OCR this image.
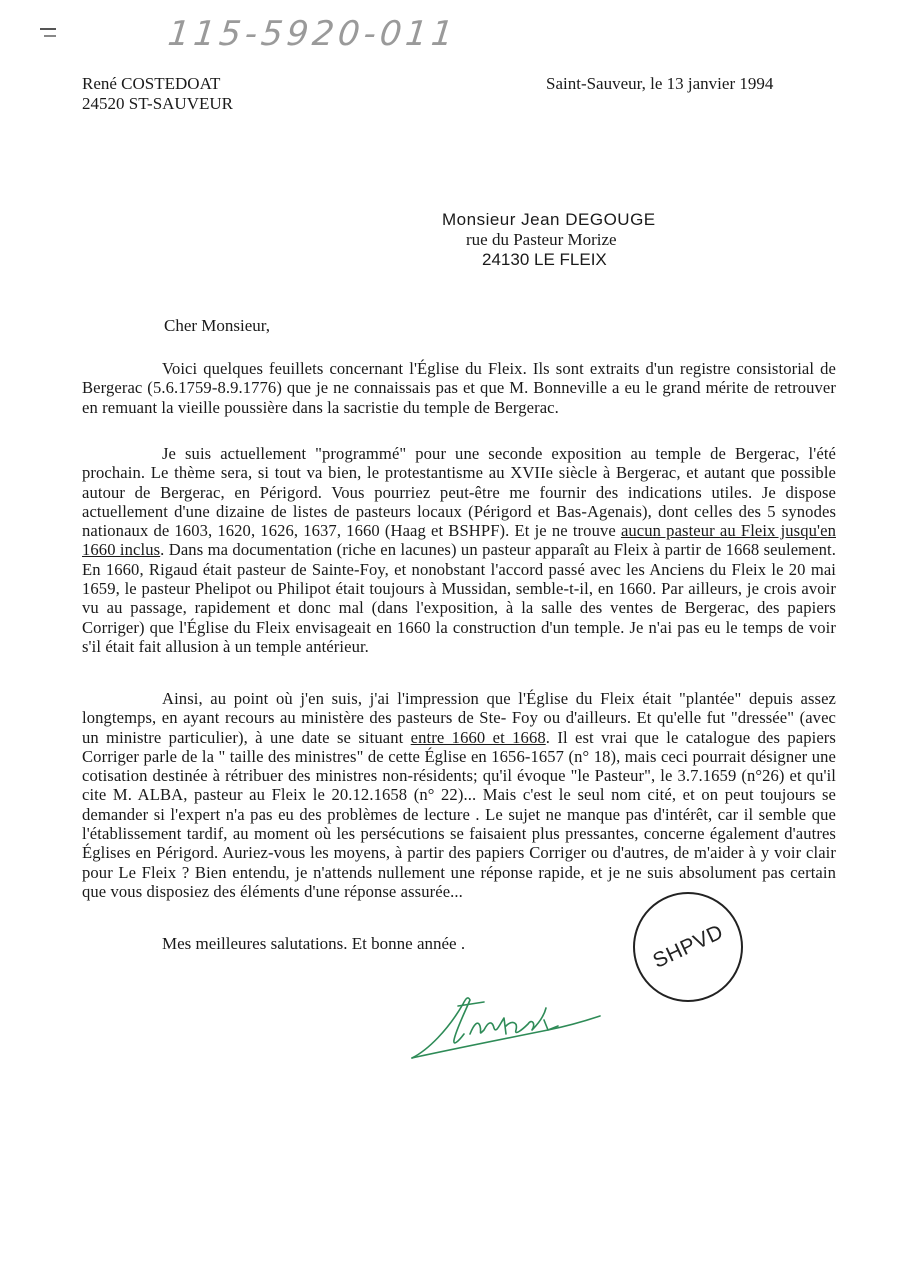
115-5920-011
René COSTEDOAT
24520 ST-SAUVEUR
Saint-Sauveur, le 13 janvier 1994
Monsieur Jean DEGOUGE
rue du Pasteur Morize
24130 LE FLEIX
Cher Monsieur,
Voici quelques feuillets concernant l'Église du Fleix. Ils sont extraits d'un registre consistorial de Bergerac (5.6.1759-8.9.1776) que je ne connaissais pas et que M. Bonneville a eu le grand mérite de retrouver en remuant la vieille poussière dans la sacristie du temple de Bergerac.
Je suis actuellement "programmé" pour une seconde exposition au temple de Bergerac, l'été prochain. Le thème sera, si tout va bien, le protestantisme au XVIIe siècle à Bergerac, et autant que possible autour de Bergerac, en Périgord. Vous pourriez peut-être me fournir des indications utiles. Je dispose actuellement d'une dizaine de listes de pasteurs locaux (Périgord et Bas-Agenais), dont celles des 5 synodes nationaux de 1603, 1620, 1626, 1637, 1660 (Haag et BSHPF). Et je ne trouve aucun pasteur au Fleix jusqu'en 1660 inclus. Dans ma documentation (riche en lacunes) un pasteur apparaît au Fleix à partir de 1668 seulement. En 1660, Rigaud était pasteur de Sainte-Foy, et nonobstant l'accord passé avec les Anciens du Fleix le 20 mai 1659, le pasteur Phelipot ou Philipot était toujours à Mussidan, semble-t-il, en 1660. Par ailleurs, je crois avoir vu au passage, rapidement et donc mal (dans l'exposition, à la salle des ventes de Bergerac, des papiers Corriger) que l'Église du Fleix envisageait en 1660 la construction d'un temple. Je n'ai pas eu le temps de voir s'il était fait allusion à un temple antérieur.
Ainsi, au point où j'en suis, j'ai l'impression que l'Église du Fleix était "plantée" depuis assez longtemps, en ayant recours au ministère des pasteurs de Ste- Foy ou d'ailleurs. Et qu'elle fut "dressée" (avec un ministre particulier), à une date se situant entre 1660 et 1668. Il est vrai que le catalogue des papiers Corriger parle de la " taille des ministres" de cette Église en 1656-1657 (n° 18), mais ceci pourrait désigner une cotisation destinée à rétribuer des ministres non-résidents; qu'il évoque "le Pasteur", le 3.7.1659 (n°26) et qu'il cite M. ALBA, pasteur au Fleix le 20.12.1658 (n° 22)... Mais c'est le seul nom cité, et on peut toujours se demander si l'expert n'a pas eu des problèmes de lecture . Le sujet ne manque pas d'intérêt, car il semble que l'établissement tardif, au moment où les persécutions se faisaient plus pressantes, concerne également d'autres Églises en Périgord. Auriez-vous les moyens, à partir des papiers Corriger ou d'autres, de m'aider à y voir clair pour Le Fleix ? Bien entendu, je n'attends nullement une réponse rapide, et je ne suis absolument pas certain que vous disposiez des éléments d'une réponse assurée...
Mes meilleures salutations. Et bonne année .	SHPVD
